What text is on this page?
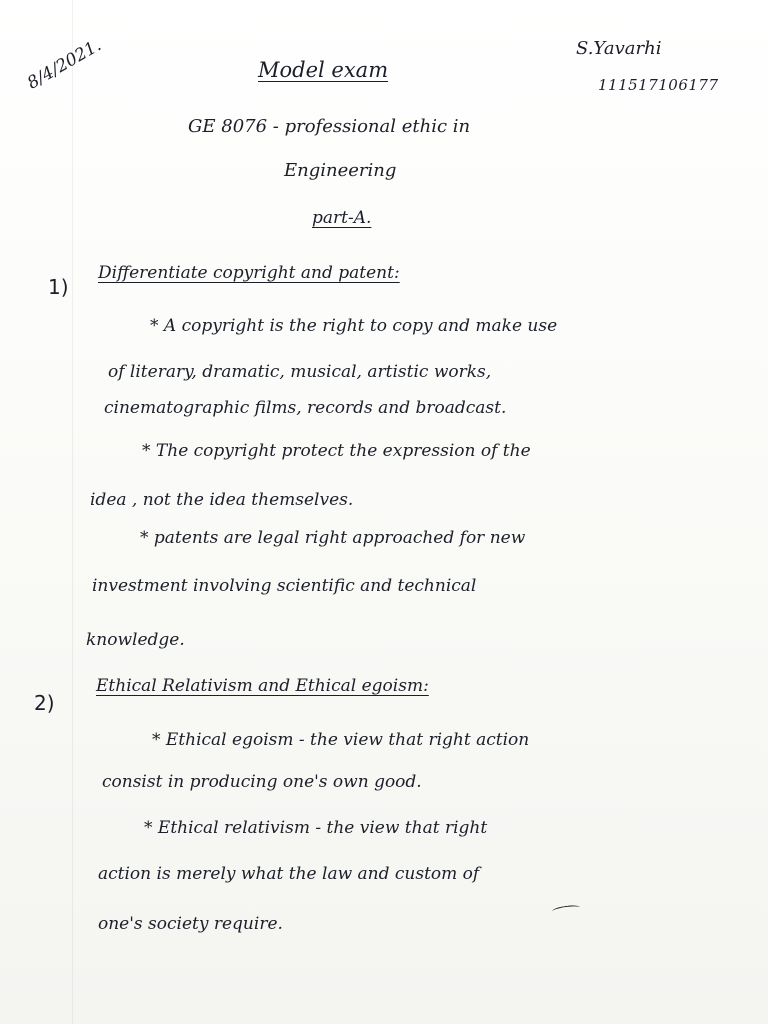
8/4/2021.	Model exam
S.Yavarhi
111517106177
GE 8076 - professional ethic in
Engineering
part-A.
1)
Differentiate copyright and patent:
* A copyright is the right to copy and make use
of literary, dramatic, musical, artistic works,
cinematographic films, records and broadcast.
* The copyright protect the expression of the
idea , not the idea themselves.
* patents are legal right approached for new
investment involving scientific and technical
knowledge.
2)
Ethical Relativism and Ethical egoism:
* Ethical egoism - the view that right action
consist in producing one's own good.
* Ethical relativism - the view that right
action is merely what the law and custom of
one's society require.
